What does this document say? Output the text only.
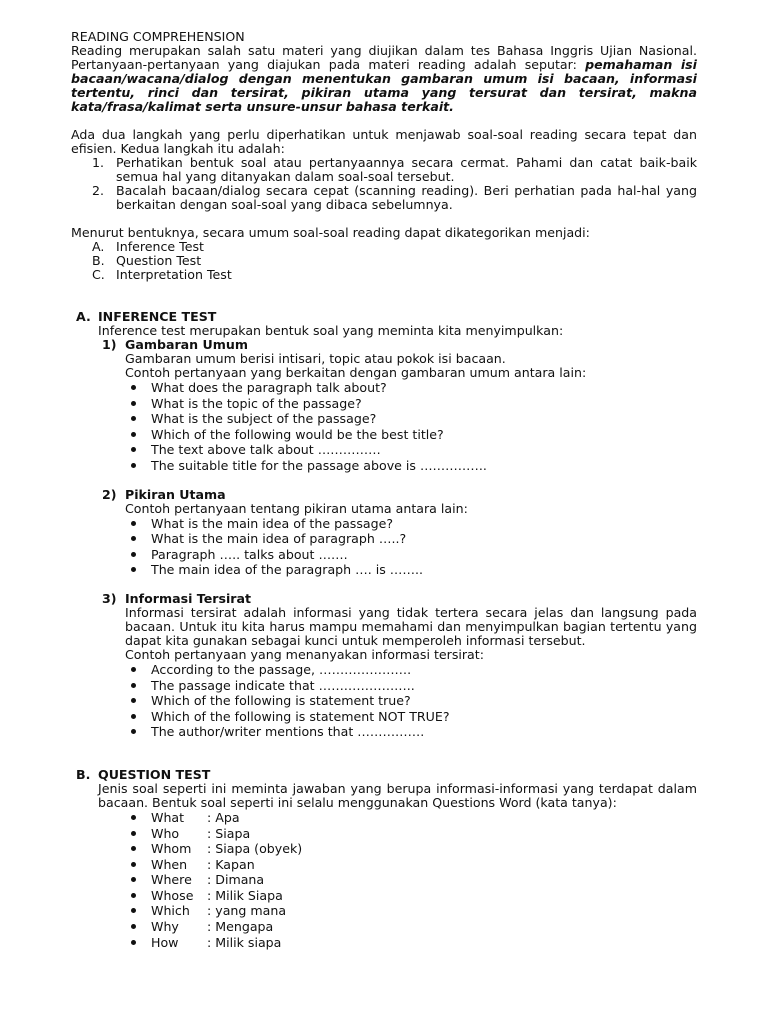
READING COMPREHENSION

Reading merupakan salah satu materi yang diujikan dalam tes Bahasa Inggris Ujian Nasional. Pertanyaan-pertanyaan yang diajukan pada materi reading adalah seputar: pemahaman isi bacaan/wacana/dialog dengan menentukan gambaran umum isi bacaan, informasi tertentu, rinci dan tersirat, pikiran utama yang tersurat dan tersirat, makna kata/frasa/kalimat serta unsure-unsur bahasa terkait.

Ada dua langkah yang perlu diperhatikan untuk menjawab soal-soal reading secara tepat dan efisien. Kedua langkah itu adalah:

1. Perhatikan bentuk soal atau pertanyaannya secara cermat. Pahami dan catat baik-baik semua hal yang ditanyakan dalam soal-soal tersebut.
2. Bacalah bacaan/dialog secara cepat (scanning reading). Beri perhatian pada hal-hal yang berkaitan dengan soal-soal yang dibaca sebelumnya.

Menurut bentuknya, secara umum soal-soal reading dapat dikategorikan menjadi:

A. Inference Test
B. Question Test
C. Interpretation Test

A. INFERENCE TEST

Inference test merupakan bentuk soal yang meminta kita menyimpulkan:

1) Gambaran Umum

Gambaran umum berisi intisari, topic atau pokok isi bacaan.

Contoh pertanyaan yang berkaitan dengan gambaran umum antara lain:

What does the paragraph talk about?
What is the topic of the passage?
What is the subject of the passage?
Which of the following would be the best title?
The text above talk about ……………
The suitable title for the passage above is …………….

2) Pikiran Utama

Contoh pertanyaan tentang pikiran utama antara lain:

What is the main idea of the passage?
What is the main idea of paragraph …..?
Paragraph ….. talks about …….
The main idea of the paragraph …. is ……..

3) Informasi Tersirat

Informasi tersirat adalah informasi yang tidak tertera secara jelas dan langsung pada bacaan. Untuk itu kita harus mampu memahami dan menyimpulkan bagian tertentu yang dapat kita gunakan sebagai kunci untuk memperoleh informasi tersebut.

Contoh pertanyaan yang menanyakan informasi tersirat:

According to the passage, ………………….
The passage indicate that …………………..
Which of the following is statement true?
Which of the following is statement NOT TRUE?
The author/writer mentions that …………….

B. QUESTION TEST

Jenis soal seperti ini meminta jawaban yang berupa informasi-informasi yang terdapat dalam bacaan. Bentuk soal seperti ini selalu menggunakan Questions Word (kata tanya):

What : Apa
Who : Siapa
Whom : Siapa (obyek)
When : Kapan
Where : Dimana
Whose : Milik Siapa
Which : yang mana
Why : Mengapa
How : Milik siapa
